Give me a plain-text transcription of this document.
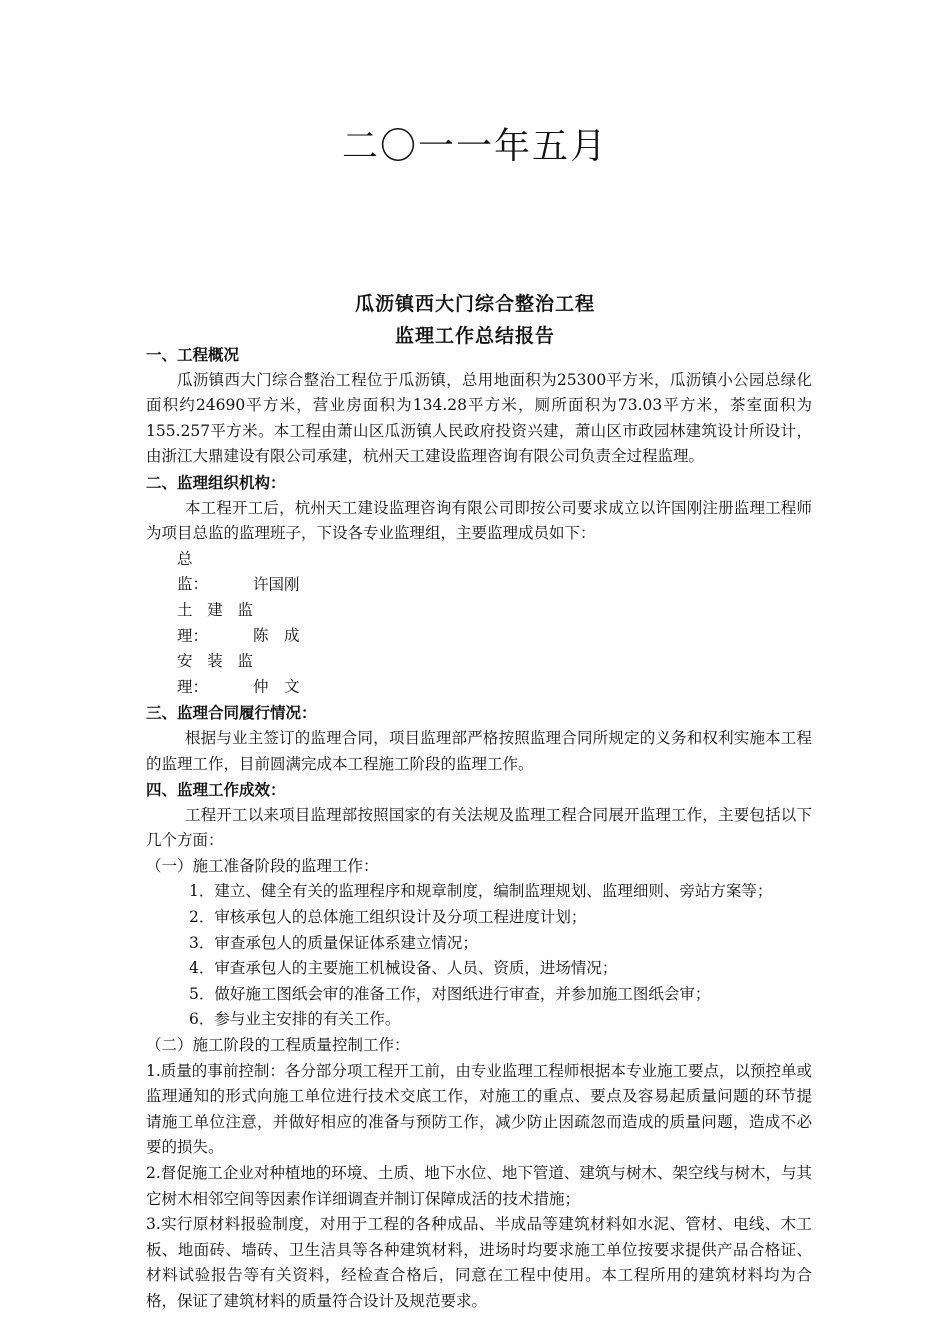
二〇一一年五月
瓜沥镇西大门综合整治工程
监理工作总结报告

一、工程概况

瓜沥镇西大门综合整治工程位于瓜沥镇，总用地面积为25300平方米，瓜沥镇小公园总绿化面积约24690平方米，营业房面积为134.28平方米，厕所面积为73.03平方米，茶室面积为155.257平方米。本工程由萧山区瓜沥镇人民政府投资兴建，萧山区市政园林建筑设计所设计，由浙江大鼎建设有限公司承建，杭州天工建设监理咨询有限公司负责全过程监理。

二、监理组织机构：

本工程开工后，杭州天工建设监理咨询有限公司即按公司要求成立以许国刚注册监理工程师为项目总监的监理班子，下设各专业监理组，主要监理成员如下：

总　　监：	许国刚

土建监理：	陈　成

安装监理：	仲　文

三、监理合同履行情况：

根据与业主签订的监理合同，项目监理部严格按照监理合同所规定的义务和权利实施本工程的监理工作，目前圆满完成本工程施工阶段的监理工作。

四、监理工作成效：

工程开工以来项目监理部按照国家的有关法规及监理工程合同展开监理工作，主要包括以下几个方面：

（一）施工准备阶段的监理工作：

1．建立、健全有关的监理程序和规章制度，编制监理规划、监理细则、旁站方案等；

2．审核承包人的总体施工组织设计及分项工程进度计划；

3．审查承包人的质量保证体系建立情况；

4．审查承包人的主要施工机械设备、人员、资质，进场情况；

5．做好施工图纸会审的准备工作，对图纸进行审查，并参加施工图纸会审；

6．参与业主安排的有关工作。

（二）施工阶段的工程质量控制工作：

1.质量的事前控制：各分部分项工程开工前，由专业监理工程师根据本专业施工要点，以预控单或监理通知的形式向施工单位进行技术交底工作，对施工的重点、要点及容易起质量问题的环节提请施工单位注意，并做好相应的准备与预防工作，减少防止因疏忽而造成的质量问题，造成不必要的损失。

2.督促施工企业对种植地的环境、土质、地下水位、地下管道、建筑与树木、架空线与树木，与其它树木相邻空间等因素作详细调查并制订保障成活的技术措施；

3.实行原材料报验制度，对用于工程的各种成品、半成品等建筑材料如水泥、管材、电线、木工板、地面砖、墙砖、卫生洁具等各种建筑材料，进场时均要求施工单位按要求提供产品合格证、材料试验报告等有关资料，经检查合格后，同意在工程中使用。本工程所用的建筑材料均为合格，保证了建筑材料的质量符合设计及规范要求。
